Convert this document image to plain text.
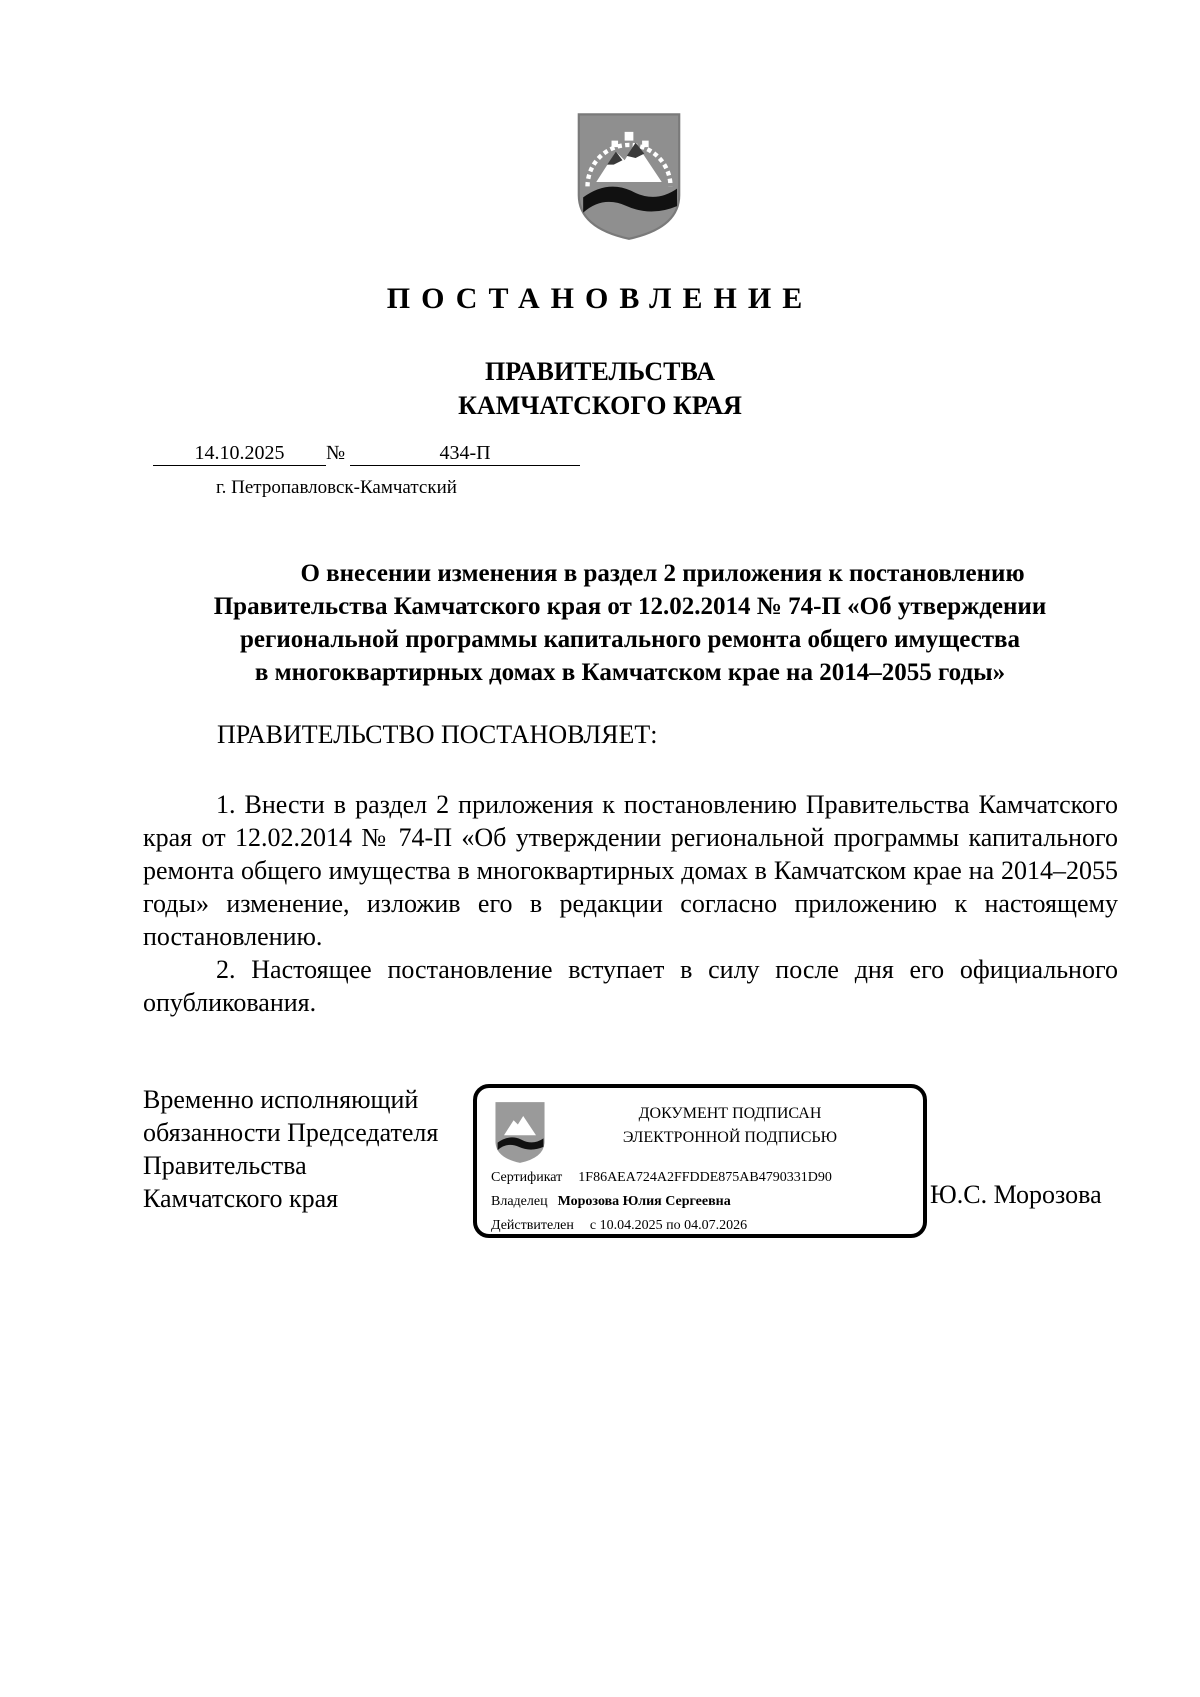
ПОСТАНОВЛЕНИЕ
ПРАВИТЕЛЬСТВА
КАМЧАТСКОГО КРАЯ
14.10.2025 №	434-П
г. Петропавловск-Камчатский
О внесении изменения в раздел 2 приложения к постановлению
Правительства Камчатского края от 12.02.2014 № 74-П «Об утверждении
региональной программы капитального ремонта общего имущества
в многоквартирных домах в Камчатском крае на 2014–2055 годы»
ПРАВИТЕЛЬСТВО ПОСТАНОВЛЯЕТ:

1. Внести в раздел 2 приложения к постановлению Правительства Камчатского края от 12.02.2014 № 74-П «Об утверждении региональной программы капитального ремонта общего имущества в многоквартирных домах в Камчатском крае на 2014–2055 годы» изменение, изложив его в редакции согласно приложению к настоящему постановлению.

2. Настоящее постановление вступает в силу после дня его официального опубликования.

Временно исполняющий
обязанности Председателя
Правительства
Камчатского края
ДОКУМЕНТ ПОДПИСАН
ЭЛЕКТРОННОЙ ПОДПИСЬЮ
Сертификат 1F86AEA724A2FFDDE875AB4790331D90
Владелец Морозова Юлия Сергеевна
Действителен с 10.04.2025 по 04.07.2026
Ю.С. Морозова
